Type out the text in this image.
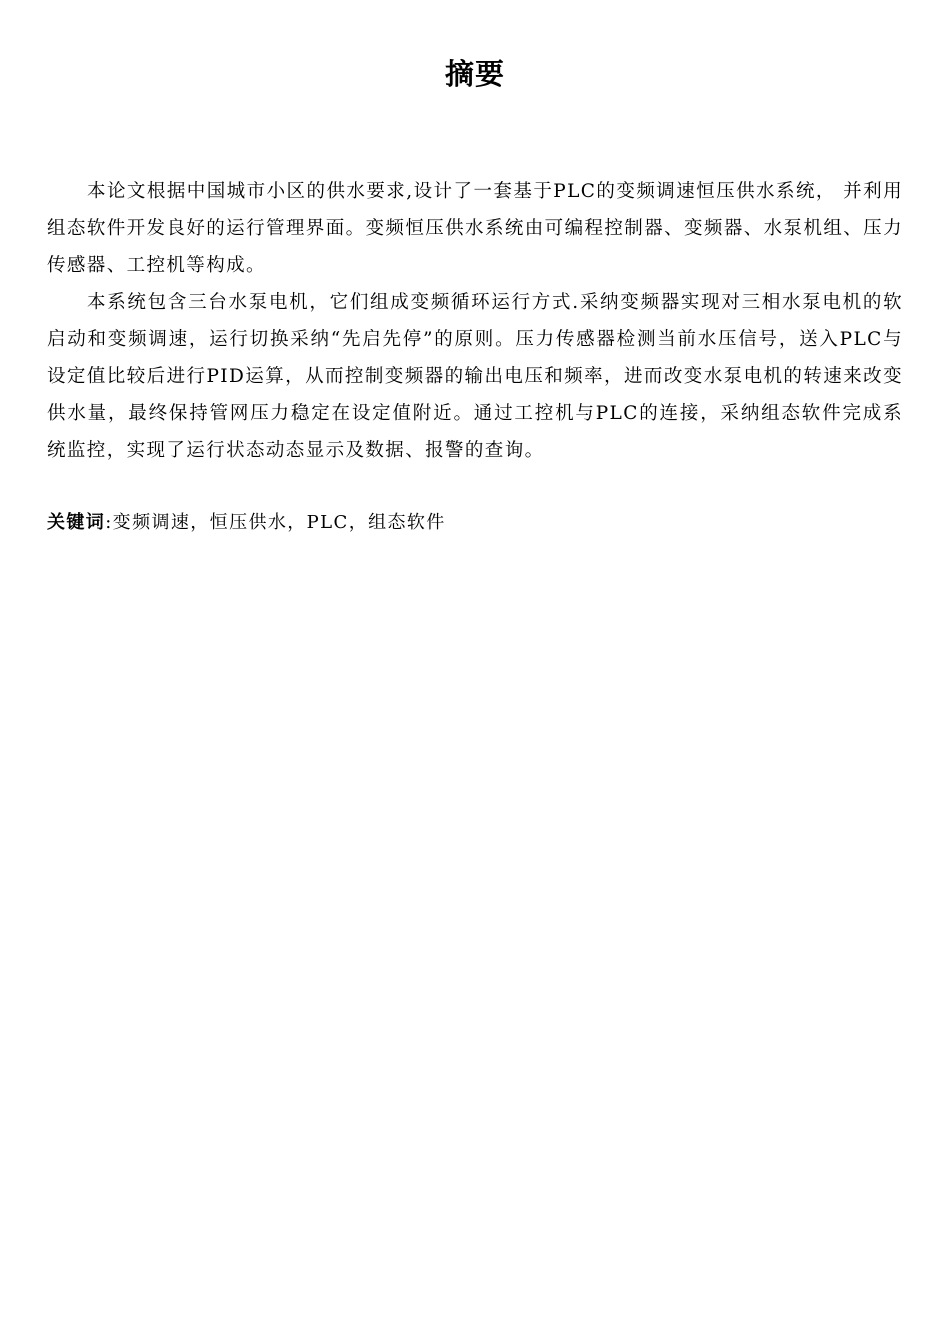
摘要

本论文根据中国城市小区的供水要求,设计了一套基于PLC的变频调速恒压供水系统， 并利用组态软件开发良好的运行管理界面。变频恒压供水系统由可编程控制器、变频器、水泵机组、压力传感器、工控机等构成。

本系统包含三台水泵电机，它们组成变频循环运行方式.采纳变频器实现对三相水泵电机的软启动和变频调速，运行切换采纳“先启先停”的原则。压力传感器检测当前水压信号，送入PLC与设定值比较后进行PID运算，从而控制变频器的输出电压和频率，进而改变水泵电机的转速来改变供水量，最终保持管网压力稳定在设定值附近。通过工控机与PLC的连接，采纳组态软件完成系统监控，实现了运行状态动态显示及数据、报警的查询。

关键词:变频调速，恒压供水，PLC，组态软件
